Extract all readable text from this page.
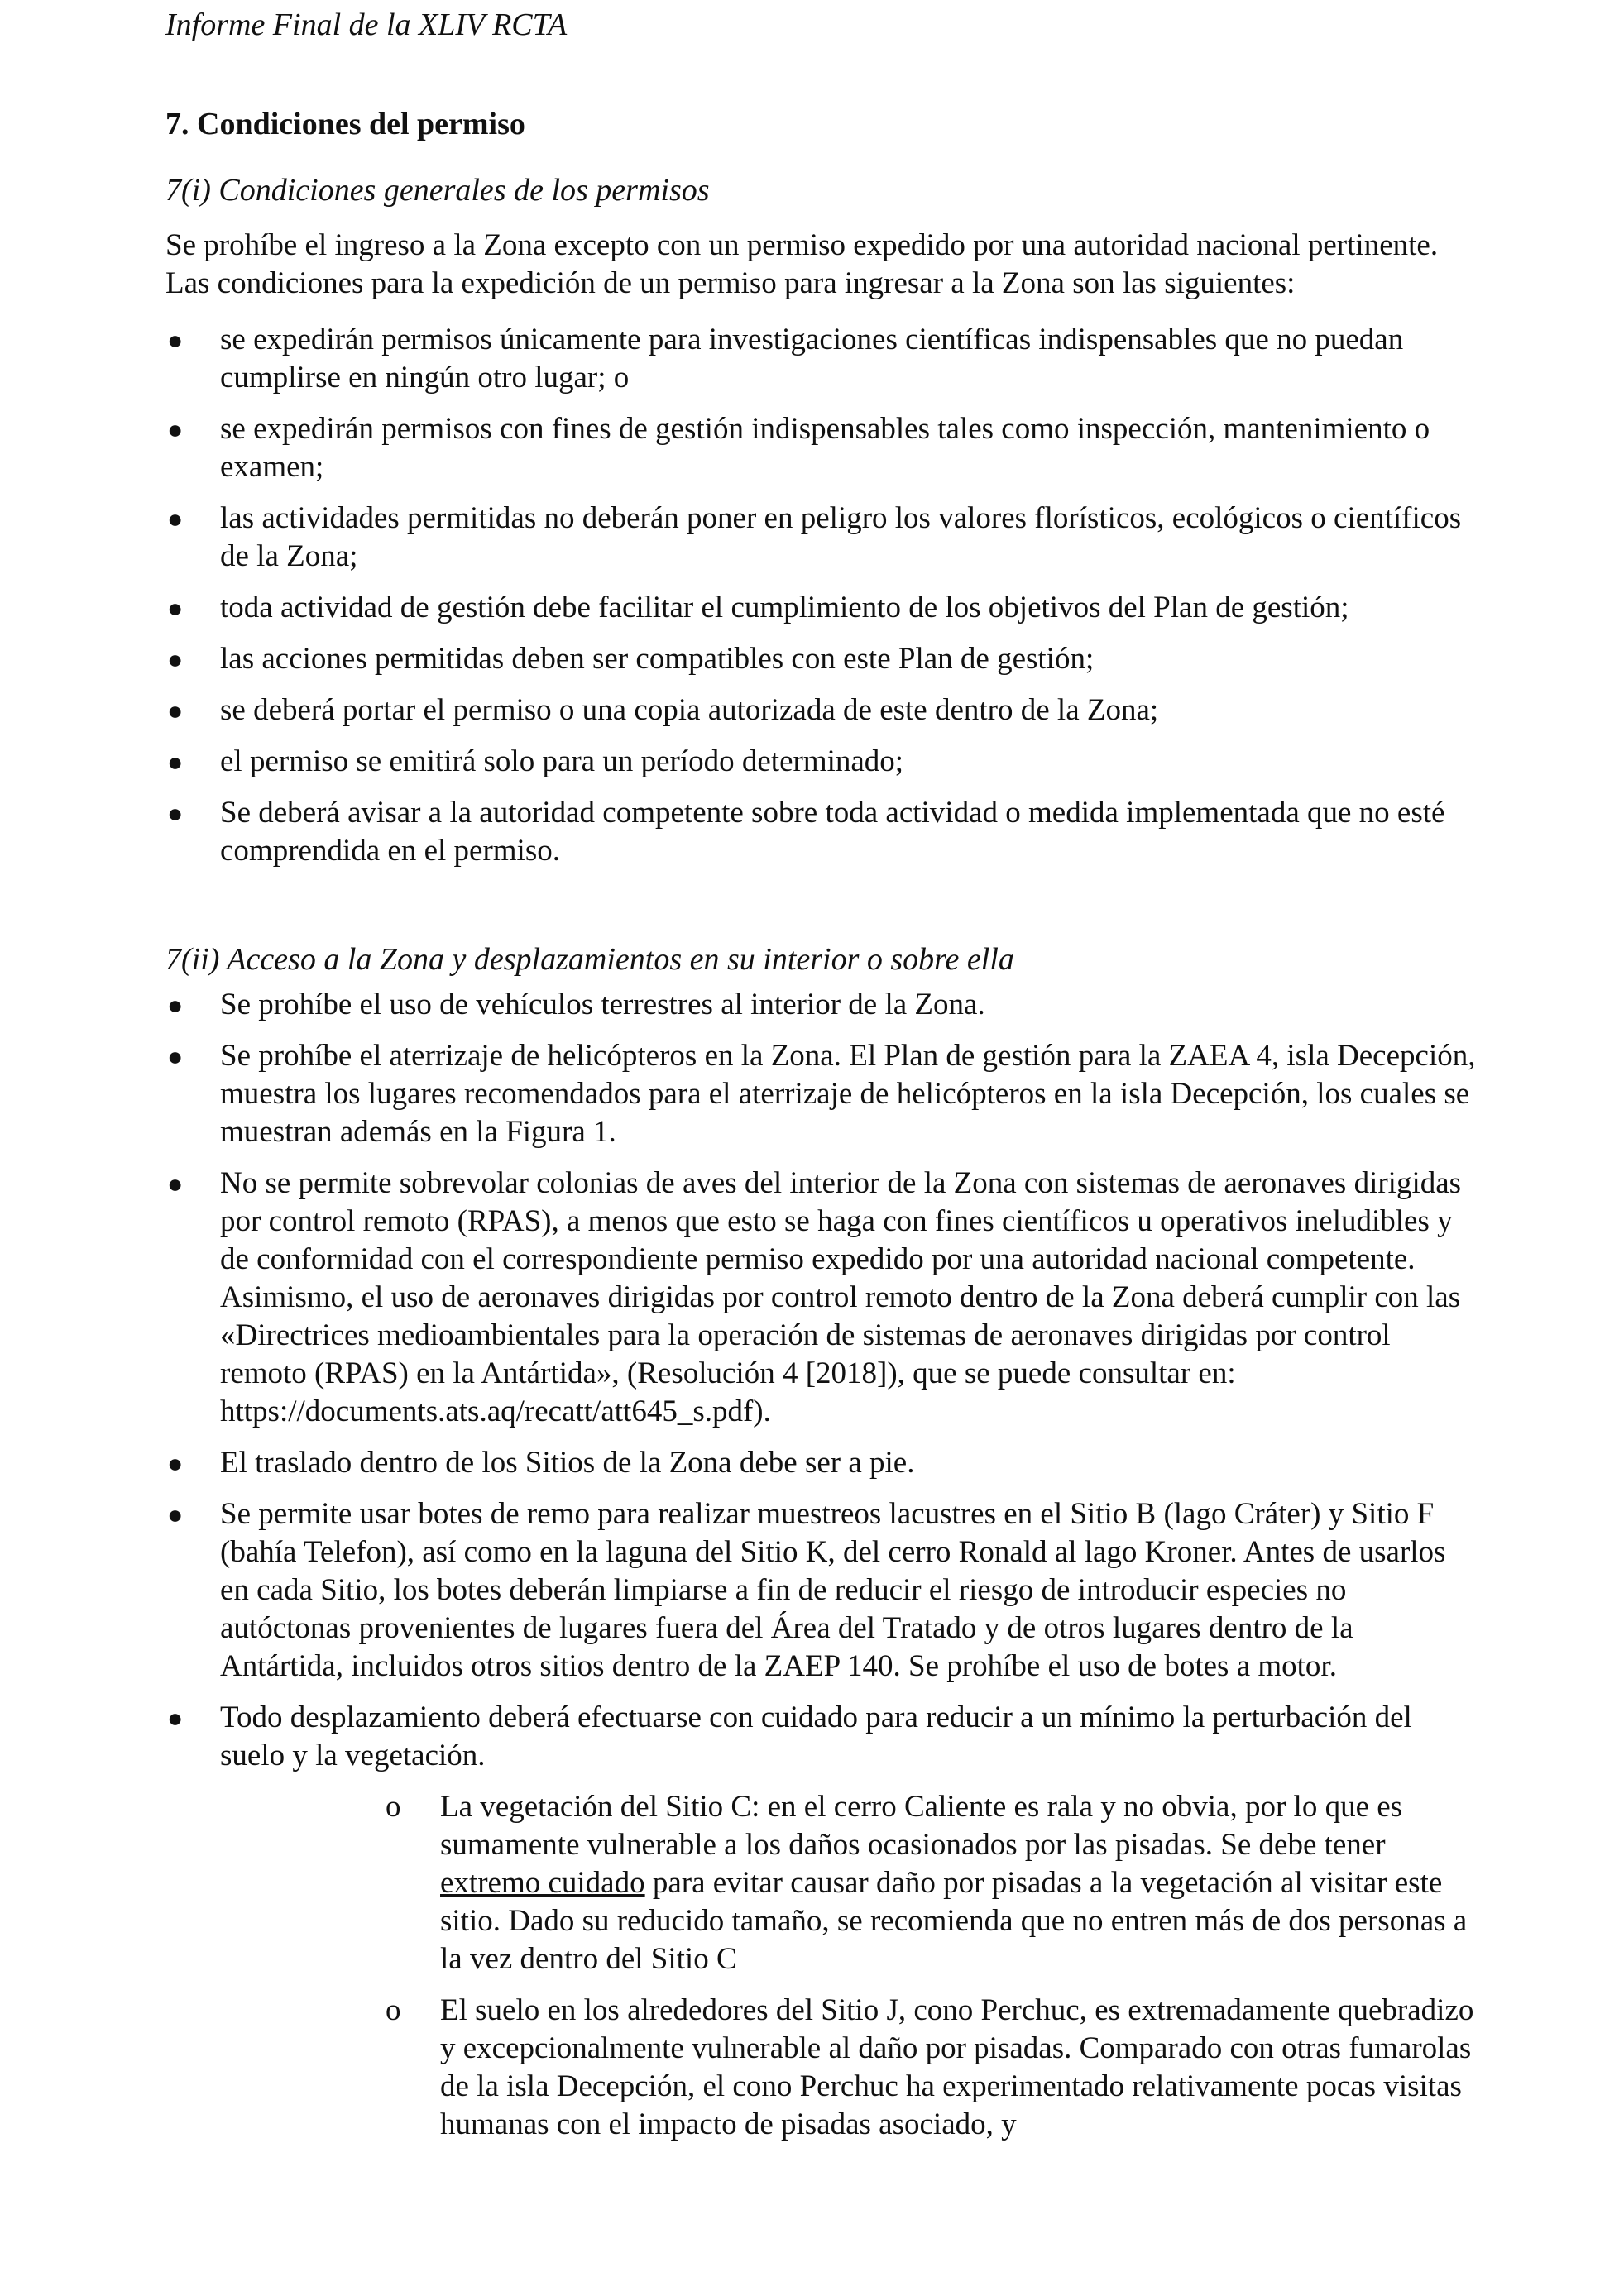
Informe Final de la XLIV RCTA

7. Condiciones del permiso
7(i) Condiciones generales de los permisos

Se prohíbe el ingreso a la Zona excepto con un permiso expedido por una autoridad nacional pertinente. Las condiciones para la expedición de un permiso para ingresar a la Zona son las siguientes:

● se expedirán permisos únicamente para investigaciones científicas indispensables que no puedan cumplirse en ningún otro lugar; o
● se expedirán permisos con fines de gestión indispensables tales como inspección, mantenimiento o examen;
● las actividades permitidas no deberán poner en peligro los valores florísticos, ecológicos o científicos de la Zona;
● toda actividad de gestión debe facilitar el cumplimiento de los objetivos del Plan de gestión;
● las acciones permitidas deben ser compatibles con este Plan de gestión;
● se deberá portar el permiso o una copia autorizada de este dentro de la Zona;
● el permiso se emitirá solo para un período determinado;
● Se deberá avisar a la autoridad competente sobre toda actividad o medida implementada que no esté comprendida en el permiso.
7(ii) Acceso a la Zona y desplazamientos en su interior o sobre ella
● Se prohíbe el uso de vehículos terrestres al interior de la Zona.
● Se prohíbe el aterrizaje de helicópteros en la Zona. El Plan de gestión para la ZAEA 4, isla Decepción, muestra los lugares recomendados para el aterrizaje de helicópteros en la isla Decepción, los cuales se muestran además en la Figura 1.
● No se permite sobrevolar colonias de aves del interior de la Zona con sistemas de aeronaves dirigidas por control remoto (RPAS), a menos que esto se haga con fines científicos u operativos ineludibles y de conformidad con el correspondiente permiso expedido por una autoridad nacional competente. Asimismo, el uso de aeronaves dirigidas por control remoto dentro de la Zona deberá cumplir con las «Directrices medioambientales para la operación de sistemas de aeronaves dirigidas por control remoto (RPAS) en la Antártida», (Resolución 4 [2018]), que se puede consultar en: https://documents.ats.aq/recatt/att645_s.pdf).
● El traslado dentro de los Sitios de la Zona debe ser a pie.
● Se permite usar botes de remo para realizar muestreos lacustres en el Sitio B (lago Cráter) y Sitio F (bahía Telefon), así como en la laguna del Sitio K, del cerro Ronald al lago Kroner. Antes de usarlos en cada Sitio, los botes deberán limpiarse a fin de reducir el riesgo de introducir especies no autóctonas provenientes de lugares fuera del Área del Tratado y de otros lugares dentro de la Antártida, incluidos otros sitios dentro de la ZAEP 140. Se prohíbe el uso de botes a motor.
● Todo desplazamiento deberá efectuarse con cuidado para reducir a un mínimo la perturbación del suelo y la vegetación.
o La vegetación del Sitio C: en el cerro Caliente es rala y no obvia, por lo que es sumamente vulnerable a los daños ocasionados por las pisadas. Se debe tener extremo cuidado para evitar causar daño por pisadas a la vegetación al visitar este sitio. Dado su reducido tamaño, se recomienda que no entren más de dos personas a la vez dentro del Sitio C
o El suelo en los alrededores del Sitio J, cono Perchuc, es extremadamente quebradizo y excepcionalmente vulnerable al daño por pisadas. Comparado con otras fumarolas de la isla Decepción, el cono Perchuc ha experimentado relativamente pocas visitas humanas con el impacto de pisadas asociado, y
